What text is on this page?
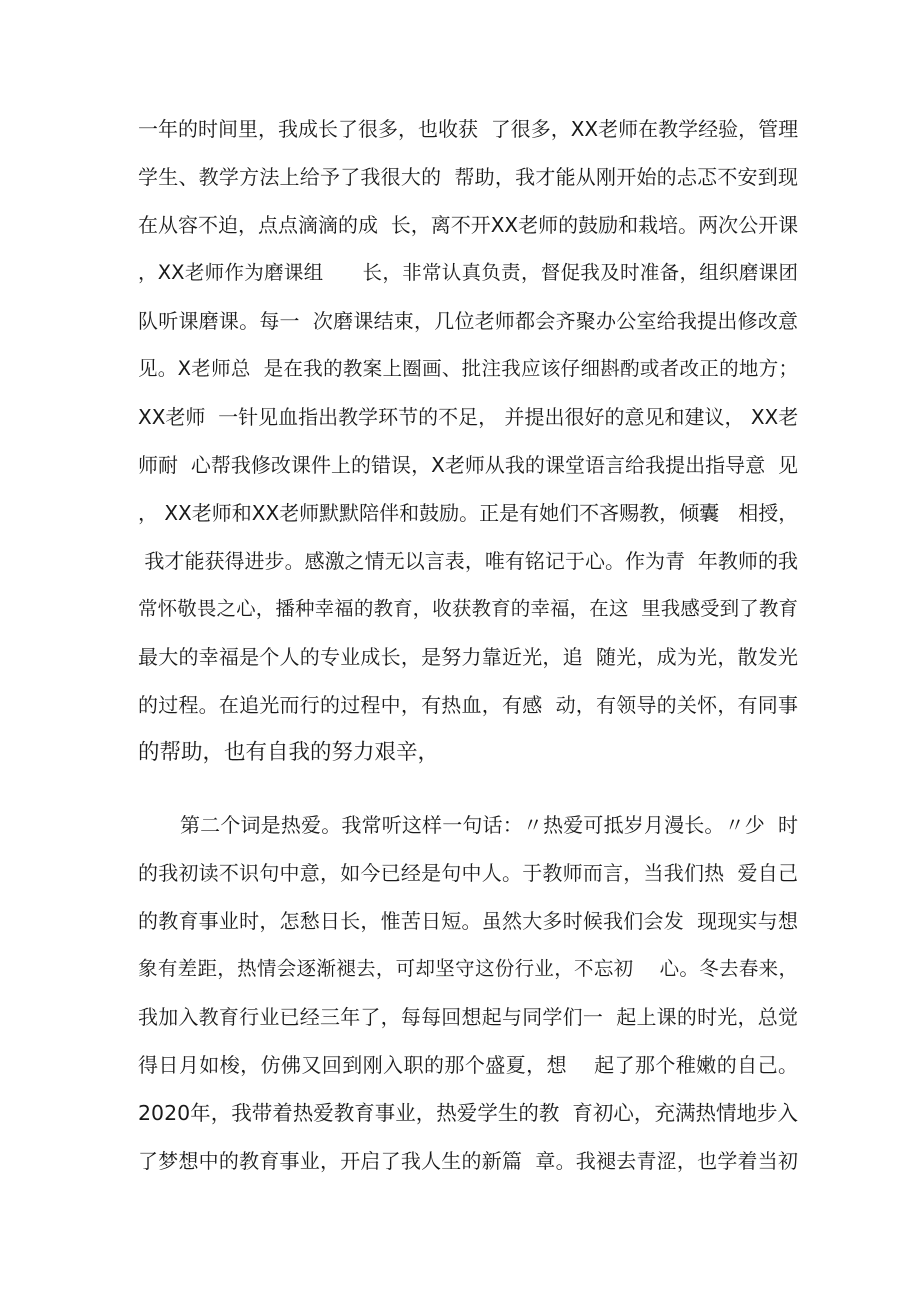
一年的时间里，我成长了很多，也收获  了很多，XX老师在教学经验，管理
学生、教学方法上给予了我很大的  帮助，我才能从刚开始的忐忑不安到现
在从容不迫，点点滴滴的成  长，离不开XX老师的鼓励和栽培。两次公开课
，XX老师作为磨课组      长，非常认真负责，督促我及时准备，组织磨课团
队听课磨课。每一  次磨课结束，几位老师都会齐聚办公室给我提出修改意
见。X老师总  是在我的教案上圈画、批注我应该仔细斟酌或者改正的地方；
XX老师  一针见血指出教学环节的不足， 并提出很好的意见和建议， XX老
师耐  心帮我修改课件上的错误，X老师从我的课堂语言给我提出指导意  见
， XX老师和XX老师默默陪伴和鼓励。正是有她们不吝赐教，倾囊   相授，
我才能获得进步。感激之情无以言表，唯有铭记于心。作为青  年教师的我
常怀敬畏之心，播种幸福的教育，收获教育的幸福，在这  里我感受到了教育
最大的幸福是个人的专业成长，是努力靠近光，追  随光，成为光，散发光
的过程。在追光而行的过程中，有热血，有感  动，有领导的关怀，有同事
的帮助，也有自我的努力艰辛，
第二个词是热爱。我常听这样一句话：〃热爱可抵岁月漫长。〃少  时
的我初读不识句中意，如今已经是句中人。于教师而言，当我们热  爱自己
的教育事业时，怎愁日长，惟苦日短。虽然大多时候我们会发  现现实与想
象有差距，热情会逐渐褪去，可却坚守这份行业，不忘初    心。冬去春来，
我加入教育行业已经三年了，每每回想起与同学们一  起上课的时光，总觉
得日月如梭，仿佛又回到刚入职的那个盛夏，想    起了那个稚嫩的自己。
2020年，我带着热爱教育事业，热爱学生的教  育初心，充满热情地步入
了梦想中的教育事业，开启了我人生的新篇  章。我褪去青涩，也学着当初
